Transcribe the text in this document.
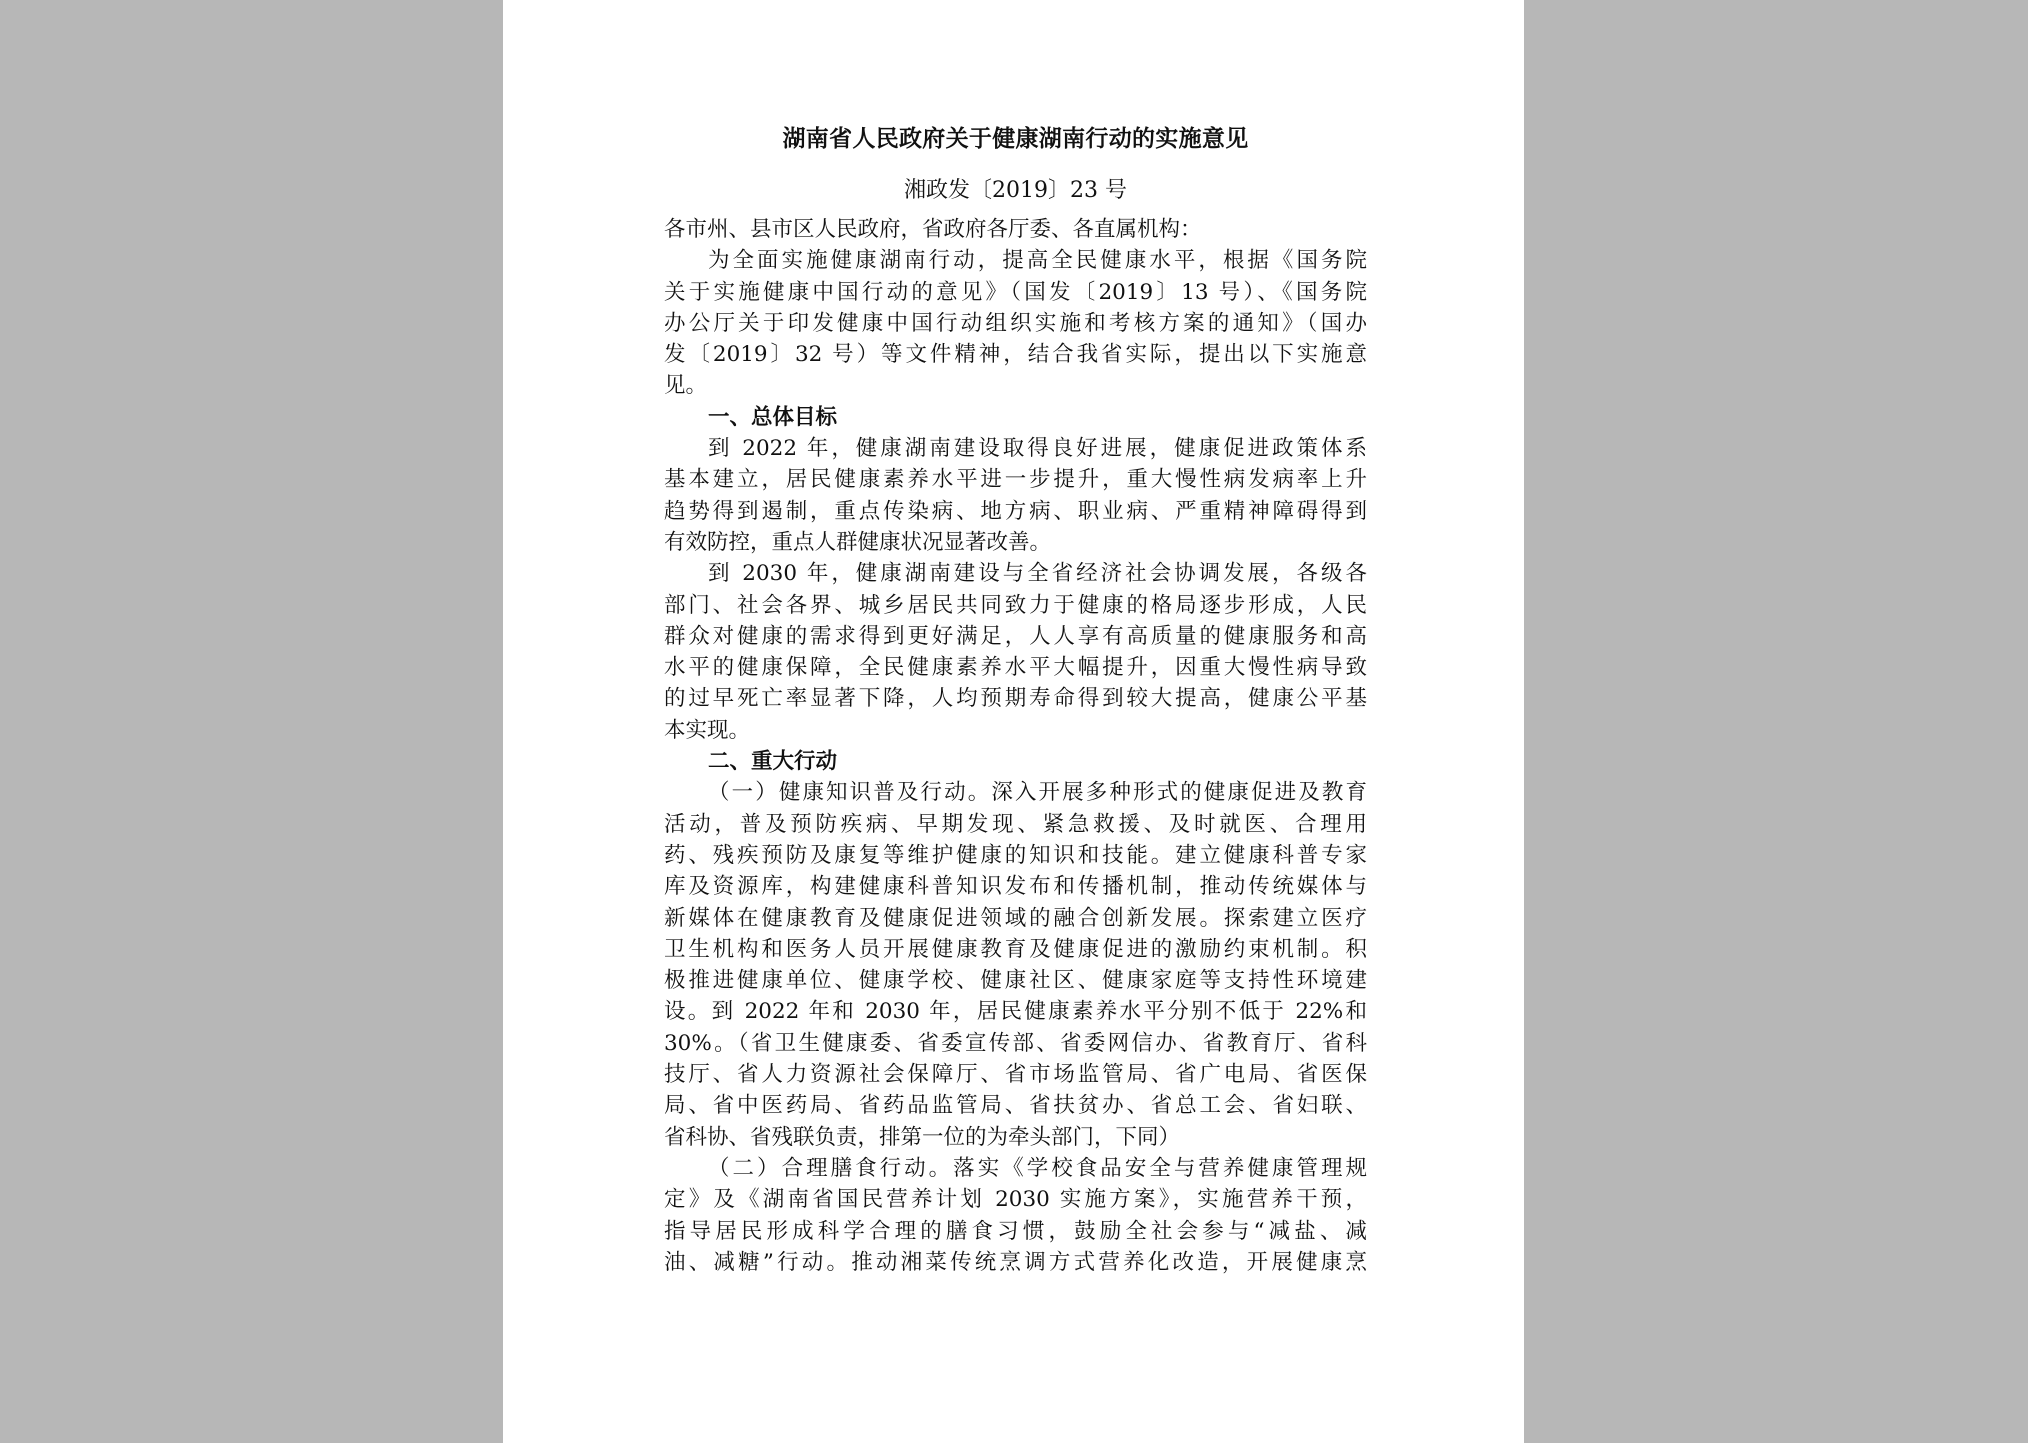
湖南省人民政府关于健康湖南行动的实施意见
湘政发〔2019〕23 号
各市州、县市区人民政府，省政府各厅委、各直属机构：
为全面实施健康湖南行动，提高全民健康水平，根据《国务院
关于实施健康中国行动的意见》（国发〔2019〕13 号）、《国务院
办公厅关于印发健康中国行动组织实施和考核方案的通知》（国办
发〔2019〕32 号）等文件精神，结合我省实际，提出以下实施意
见。
一、总体目标
到 2022 年，健康湖南建设取得良好进展，健康促进政策体系
基本建立，居民健康素养水平进一步提升，重大慢性病发病率上升
趋势得到遏制，重点传染病、地方病、职业病、严重精神障碍得到
有效防控，重点人群健康状况显著改善。
到 2030 年，健康湖南建设与全省经济社会协调发展，各级各
部门、社会各界、城乡居民共同致力于健康的格局逐步形成，人民
群众对健康的需求得到更好满足，人人享有高质量的健康服务和高
水平的健康保障，全民健康素养水平大幅提升，因重大慢性病导致
的过早死亡率显著下降，人均预期寿命得到较大提高，健康公平基
本实现。
二、重大行动
（一）健康知识普及行动。深入开展多种形式的健康促进及教育
活动，普及预防疾病、早期发现、紧急救援、及时就医、合理用
药、残疾预防及康复等维护健康的知识和技能。建立健康科普专家
库及资源库，构建健康科普知识发布和传播机制，推动传统媒体与
新媒体在健康教育及健康促进领域的融合创新发展。探索建立医疗
卫生机构和医务人员开展健康教育及健康促进的激励约束机制。积
极推进健康单位、健康学校、健康社区、健康家庭等支持性环境建
设。到 2022 年和 2030 年，居民健康素养水平分别不低于 22%和
30%。（省卫生健康委、省委宣传部、省委网信办、省教育厅、省科
技厅、省人力资源社会保障厅、省市场监管局、省广电局、省医保
局、省中医药局、省药品监管局、省扶贫办、省总工会、省妇联、
省科协、省残联负责，排第一位的为牵头部门，下同）
（二）合理膳食行动。落实《学校食品安全与营养健康管理规
定》及《湖南省国民营养计划 2030 实施方案》，实施营养干预，
指导居民形成科学合理的膳食习惯，鼓励全社会参与“减盐、减
油、减糖”行动。推动湘菜传统烹调方式营养化改造，开展健康烹
